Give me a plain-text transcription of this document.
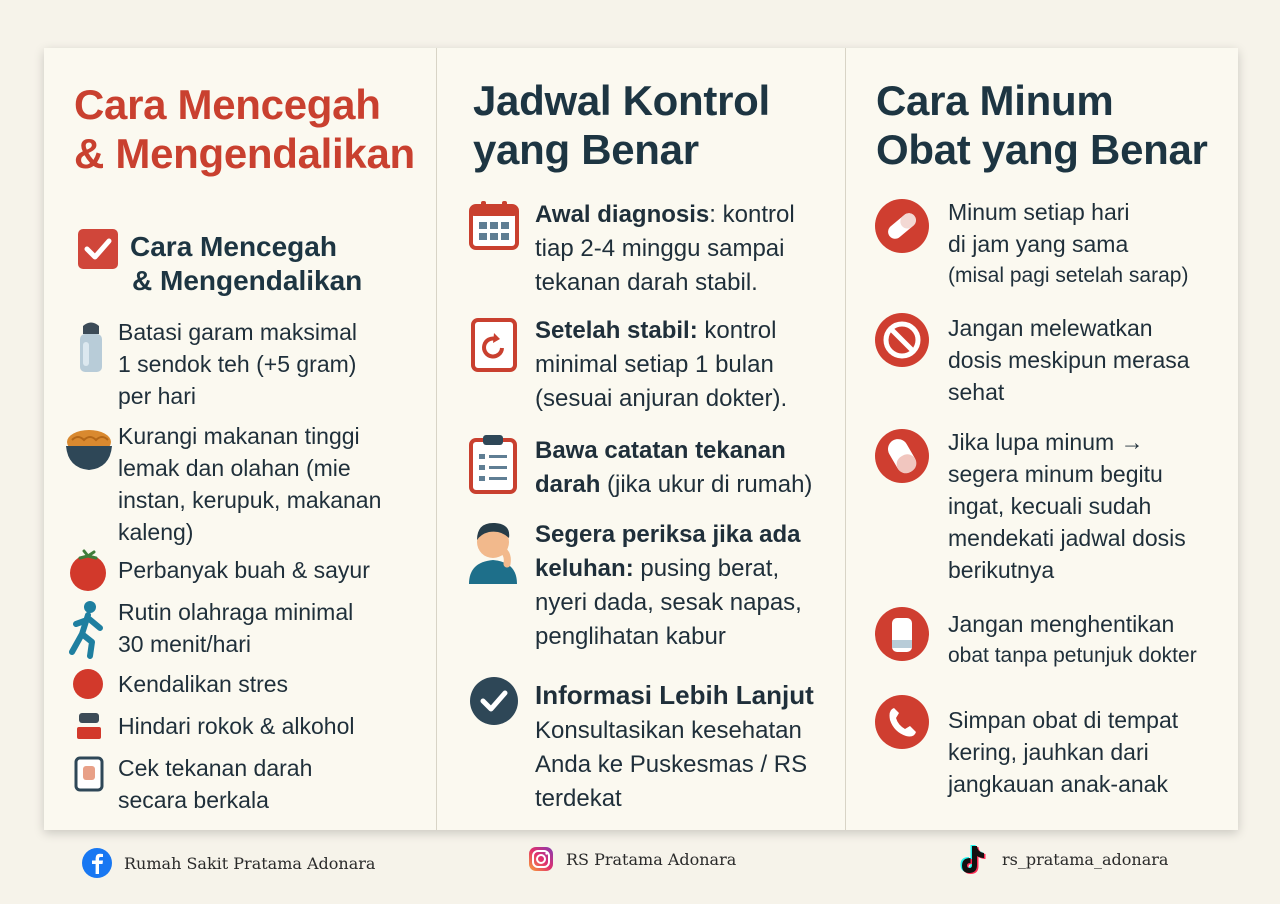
Cara Mencegah
& Mengendalikan
Cara Mencegah
& Mengendalikan
Batasi garam maksimal
1 sendok teh (+5 gram)
per hari
Kurangi makanan tinggi
lemak dan olahan (mie
instan, kerupuk, makanan
kaleng)
Perbanyak buah & sayur
Rutin olahraga minimal
30 menit/hari
Kendalikan stres
Hindari rokok & alkohol
Cek tekanan darah
secara berkala
Jadwal Kontrol
yang Benar
Awal diagnosis: kontrol
tiap 2-4 minggu sampai
tekanan darah stabil.
Setelah stabil: kontrol
minimal setiap 1 bulan
(sesuai anjuran dokter).
Bawa catatan tekanan
darah (jika ukur di rumah)
Segera periksa jika ada
keluhan: pusing berat,
nyeri dada, sesak napas,
penglihatan kabur
Informasi Lebih Lanjut
Konsultasikan kesehatan
Anda ke Puskesmas / RS
terdekat
Cara Minum
Obat yang Benar
Minum setiap hari
di jam yang sama
(misal pagi setelah sarap)
Jangan melewatkan
dosis meskipun merasa
sehat
Jika lupa minum →
segera minum begitu
ingat, kecuali sudah
mendekati jadwal dosis
berikutnya
Jangan menghentikan
obat tanpa petunjuk dokter
Simpan obat di tempat
kering, jauhkan dari
jangkauan anak-anak
Rumah Sakit Pratama Adonara	RS Pratama Adonara	rs_pratama_adonara
